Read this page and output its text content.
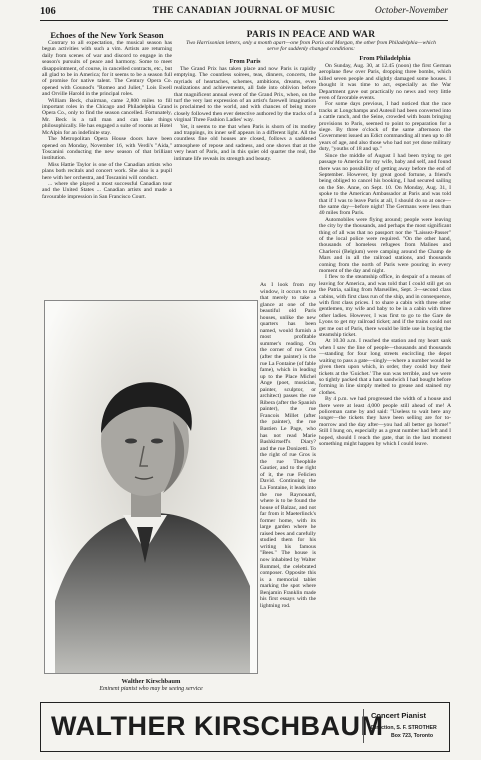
106	THE CANADIAN JOURNAL OF MUSIC	October-November

Echoes of the New York Season

Contrary to all expectation, the musical season has begun activities with such a vim. Artists are returning daily from scenes of war and discord to engage in the season's pursuits of peace and harmony. Some to meet disappointment, of course, in cancelled contracts, etc., but all glad to be in America; for it seems to be a season full of promise for native talent. The Century Opera Co. opened with Gounod's "Romeo and Juliet," Lois Ewell and Orville Harold in the principal roles.

William Beck, chairman, came 2,800 miles to fill important roles in the Chicago and Philadelphia Grand Opera Co., only to find the season cancelled. Fortunately, Mr. Beck is a tall man and can take things philosophically. He has engaged a suite of rooms at Hotel McAlpin for an indefinite stay.

The Metropolitan Opera House doors have been opened on Monday, November 16, with Verdi's "Aida," Toscanini conducting the new season of that brilliant institution.

Miss Hattie Taylor is one of the Canadian artists who plans both recitals and concert work. She also is a pupil here with her orchestra, and Toscanini will conduct.

... where she played a most successful Canadian tour and the United States ... Canadian artists and made a favourable impression in San Francisco Court.

PARIS IN PEACE AND WAR
Two Harrisonian letters, only a month apart—one from Paris and Morgan, the other from Philadelphia—which serve for suddenly changed conditions:

From Paris

The Grand Prix has taken place and now Paris is rapidly emptying. The countless soirees, teas, dinners, concerts, the myriads of heartaches, schemes, ambitions, dreams, even realizations and achievements, all fade into oblivion before that magnificent annual event of the Grand Prix, when, on the turf the very last expression of an artist's farewell imagination is proclaimed to the world, and with chances of being more closely followed then ever detective authored by the tracks of a virginal Three Fashion Ladies' way.

Yet, it seems to me that when Paris is shorn of its motley and trappings, its inner self appears in a different light. All the countless fine old houses are closed, follows a saddened atmosphere of repose and sadness, and one shows that at the very heart of Paris, and in this quiet old quarter the real, the intimate life reveals its strength and beauty.

As I look from my window, it occurs to me that merely to take a glance at one of the beautiful old Paris houses, unlike the new quarters has been named, would furnish a most profitable summer's reading. On the corner of rue Gros (after the painter) is the rue La Fontaine (of fable fame), which in leading up to the Place Michel Ange (poet, musician, painter, sculptor, or architect) passes the rue Ribera (after the Spanish painter), the rue Francois Millet (after the painter), the rue Bastien Le Page, who has not read Marie Bashkirtseff's Diary? and the rue Donizetti. To the right of rue Gros is the rue Theophile Gautier, and to the right of it, the rue Felicien David. Continuing the La Fontaine, it leads into the rue Raynouard, where is to be found the house of Balzac, and not far from it Maeterlinck's former home, with its large garden where he raised bees and carefully studied them for his writing his famous "Bees." The house is now inhabited by Walter Rummel, the celebrated composer. Opposite this is a memorial tablet marking the spot where Benjamin Franklin made his first essays with the lightning rod.

From Philadelphia

On Sunday, Aug. 30, at 12.45 (noon) the first German aeroplane flew over Paris, dropping three bombs, which killed seven people and slightly damaged some houses. I thought it was time to act, especially as the War Department gave out practically no news and very little even of favorable events.

For some days previous, I had noticed that the race tracks at Longchamps and Auteuil had been converted into a cattle ranch, and the Seine, crowded with boats bringing provisions to Paris, seemed to point to preparation for a siege. By three o'clock of the same afternoon the Government issued an Edict commanding all men up to 48 years of age, and also those who had not yet done military duty, "youths of 18 and up."

Since the middle of August I had been trying to get passage to America for my wife, baby and self, and found there was no possibility of getting away before the end of September. However, by great good fortune, a friend's being obliged to cancel his booking, I had secured sailing on the Ste. Anne, on Sept. 10. On Monday, Aug. 31, I spoke to the American Ambassador at Paris and was told that if I was to leave Paris at all, I should do so at once—the same day—before night! The Germans were less than 40 miles from Paris.

Automobiles were flying around; people were leaving the city by the thousands, and perhaps the most significant thing of all was that no passport nor the "Laissez-Passer" of the local police were required. "On the other hand, thousands of homeless refugees from Malines and Charleroi (Belgium) were camping around the Champ de Mars and in all the railroad stations, and thousands coming from the north of Paris were pouring in every moment of the day and night.

I flew to the steamship office, in despair of a means of leaving for America, and was told that I could still get on the Patria, sailing from Marseilles, Sept. 3—second class cabins, with first class run of the ship, and in consequence, with first class prices. I to share a cabin with three other gentlemen, my wife and baby to be in a cabin with three other ladies. However, I was first to go to the Gare de Lyons to get my railroad ticket; and if the trains could not get me out of Paris, there would be little use in buying the steamship ticket.

At 10.30 a.m. I reached the station and my heart sank when I saw the line of people—thousands and thousands—standing for four long streets encircling the depot waiting to pass a gate—singly—where a number would be given them upon which, in order, they could buy their tickets at the 'Guichet.' The sun was terrible, and we were so tightly packed that a ham sandwich I had bought before forming in line simply melted to grease and stained my clothes.

By 4 p.m. we had progressed the width of a house and there were at least 4,000 people still ahead of me! A policeman came by and said: "Useless to wait here any longer—the tickets they have been selling are for to-morrow and the day after—you had all better go home!" Still I hung on, especially as a great number had left and I hoped, should I reach the gate, that in the last moment something might happen by which I could leave.

Walther Kirschbaum
Eminent pianist who may be seeing service
WALTHER KIRSCHBAUM
Concert Pianist
Direction, S. F. STROTHER
Box 723, Toronto
